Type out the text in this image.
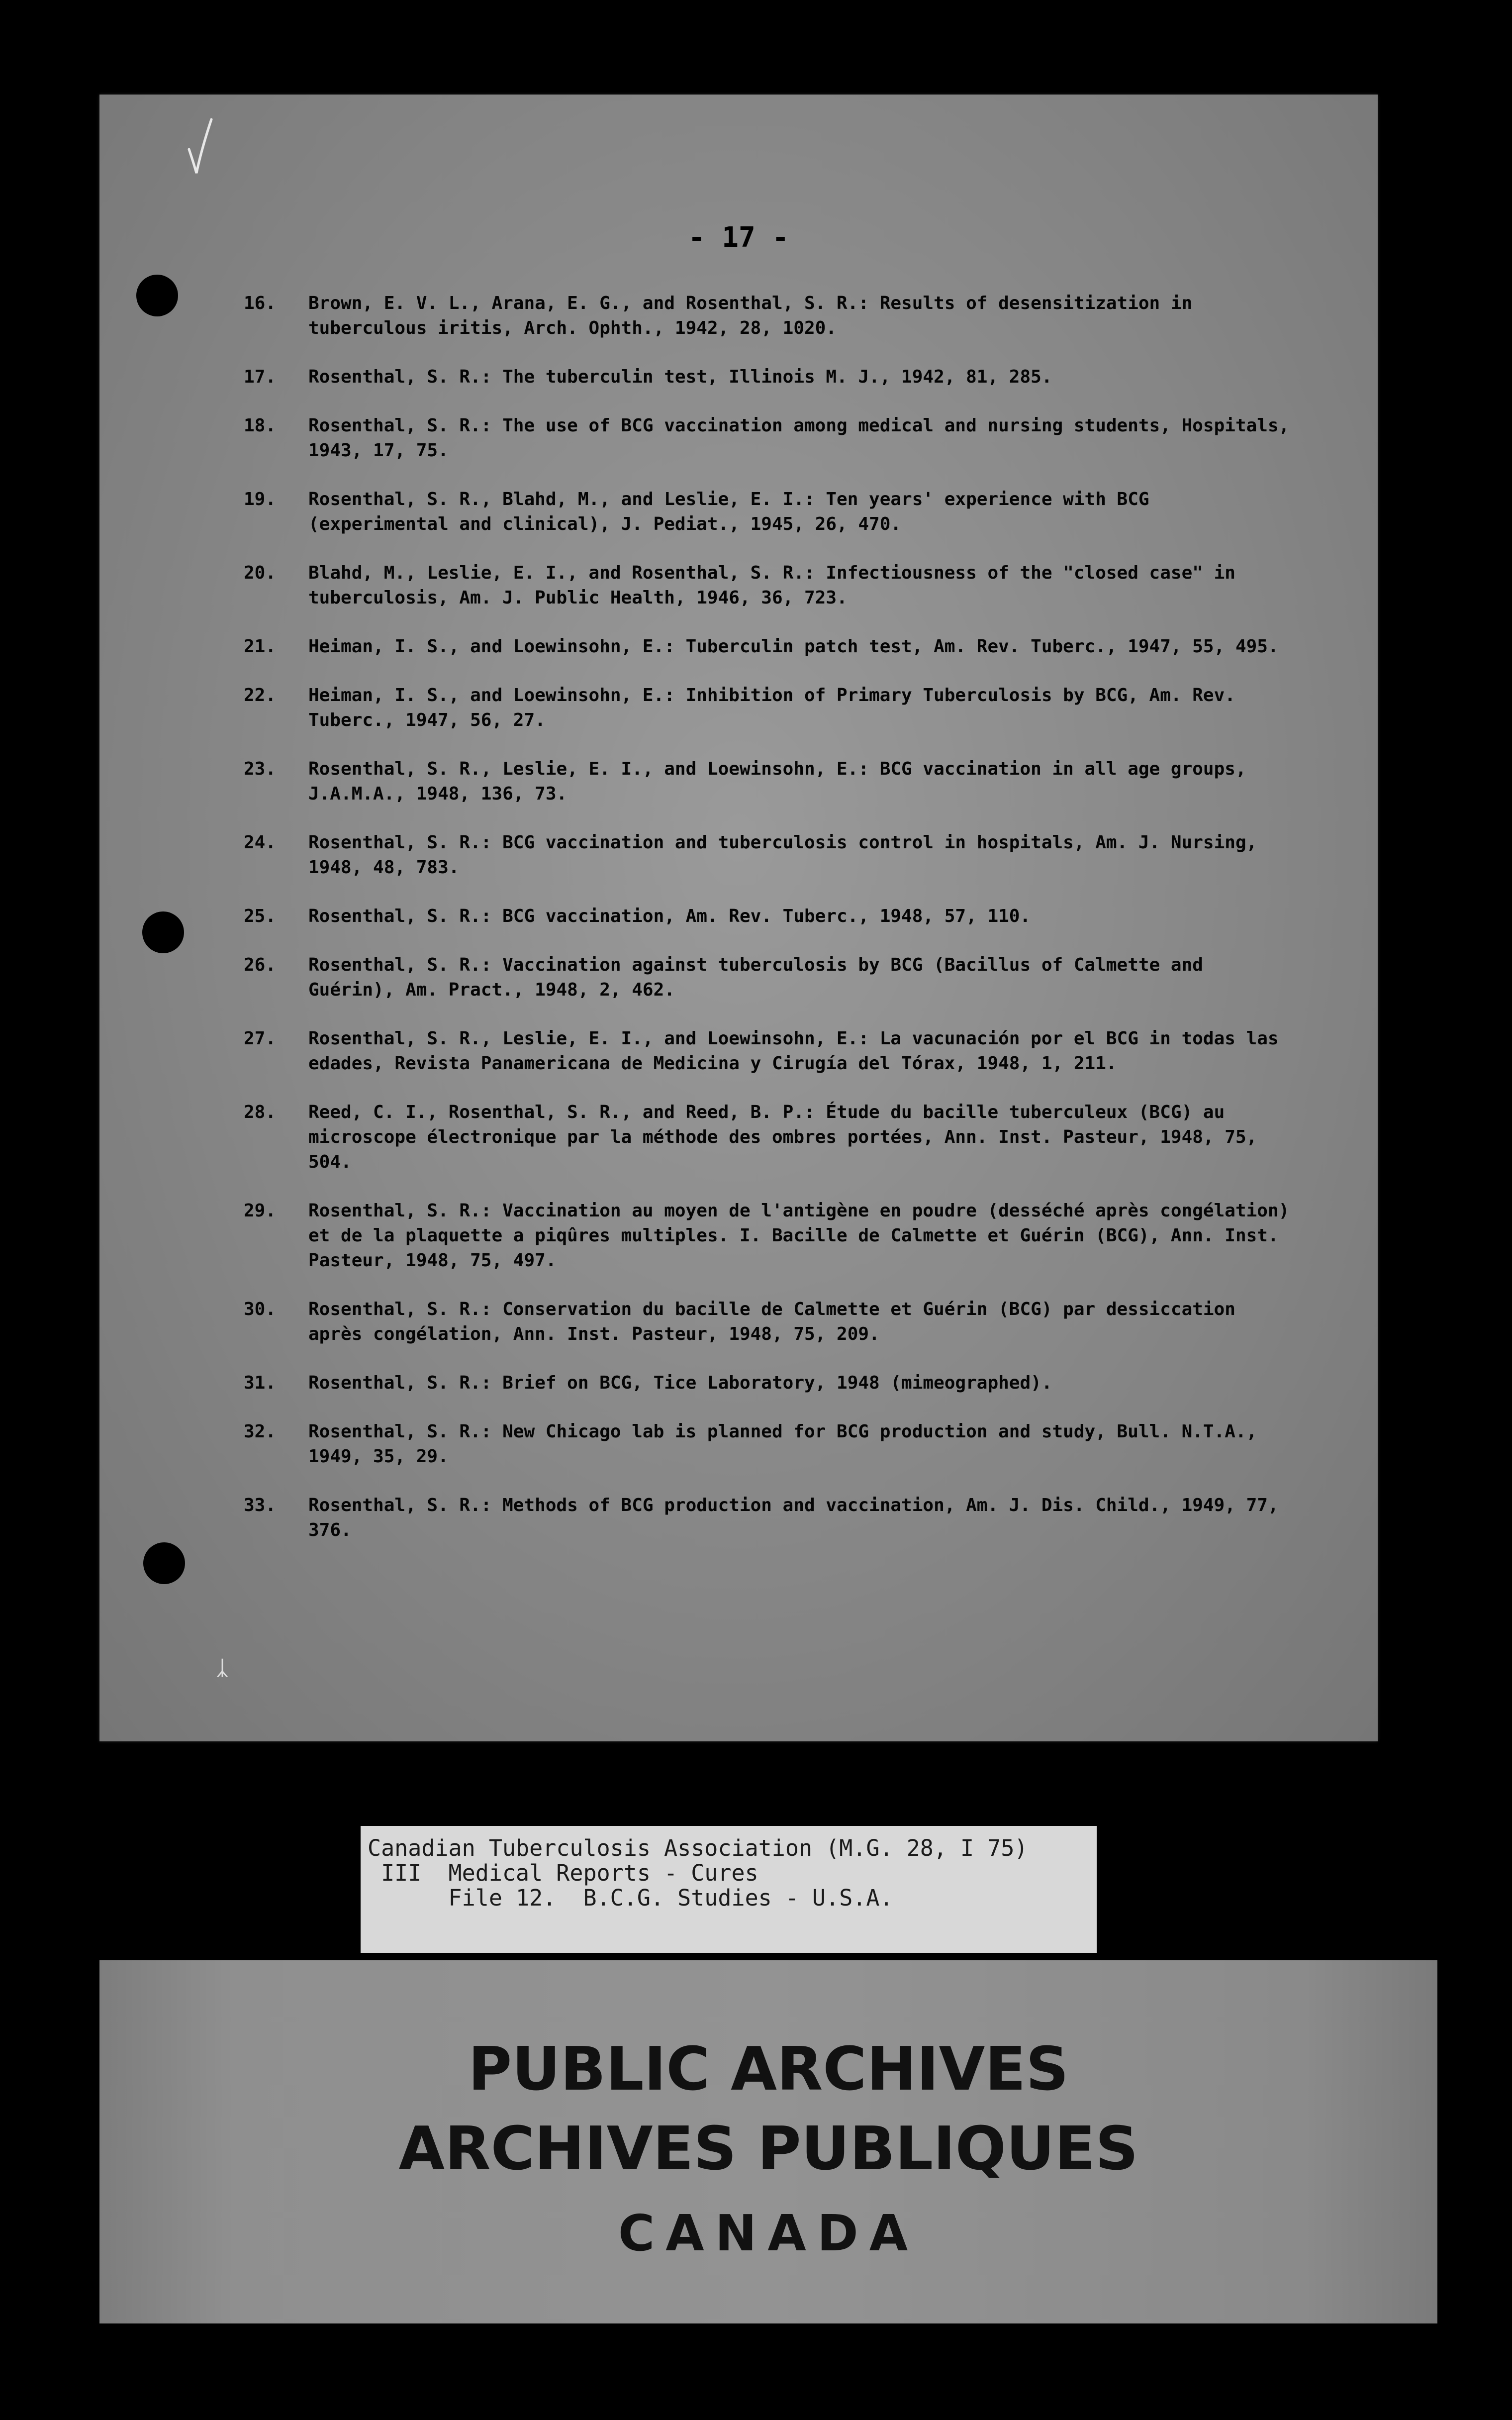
- 17 -
16.	Brown, E. V. L., Arana, E. G., and Rosenthal, S. R.: Results of desensitization in tuberculous iritis, Arch. Ophth., 1942, 28, 1020.
17.	Rosenthal, S. R.: The tuberculin test, Illinois M. J., 1942, 81, 285.
18.	Rosenthal, S. R.: The use of BCG vaccination among medical and nursing students, Hospitals, 1943, 17, 75.
19.	Rosenthal, S. R., Blahd, M., and Leslie, E. I.: Ten years' experience with BCG (experimental and clinical), J. Pediat., 1945, 26, 470.
20.	Blahd, M., Leslie, E. I., and Rosenthal, S. R.: Infectiousness of the "closed case" in tuberculosis, Am. J. Public Health, 1946, 36, 723.
21.	Heiman, I. S., and Loewinsohn, E.: Tuberculin patch test, Am. Rev. Tuberc., 1947, 55, 495.
22.	Heiman, I. S., and Loewinsohn, E.: Inhibition of Primary Tuberculosis by BCG, Am. Rev. Tuberc., 1947, 56, 27.
23.	Rosenthal, S. R., Leslie, E. I., and Loewinsohn, E.: BCG vaccination in all age groups, J.A.M.A., 1948, 136, 73.
24.	Rosenthal, S. R.: BCG vaccination and tuberculosis control in hospitals, Am. J. Nursing, 1948, 48, 783.
25.	Rosenthal, S. R.: BCG vaccination, Am. Rev. Tuberc., 1948, 57, 110.
26.	Rosenthal, S. R.: Vaccination against tuberculosis by BCG (Bacillus of Calmette and Guérin), Am. Pract., 1948, 2, 462.
27.	Rosenthal, S. R., Leslie, E. I., and Loewinsohn, E.: La vacunación por el BCG in todas las edades, Revista Panamericana de Medicina y Cirugía del Tórax, 1948, 1, 211.
28.	Reed, C. I., Rosenthal, S. R., and Reed, B. P.: Étude du bacille tuberculeux (BCG) au microscope électronique par la méthode des ombres portées, Ann. Inst. Pasteur, 1948, 75, 504.
29.	Rosenthal, S. R.: Vaccination au moyen de l'antigène en poudre (desséché après congélation) et de la plaquette a piqûres multiples. I. Bacille de Calmette et Guérin (BCG), Ann. Inst. Pasteur, 1948, 75, 497.
30.	Rosenthal, S. R.: Conservation du bacille de Calmette et Guérin (BCG) par dessiccation après congélation, Ann. Inst. Pasteur, 1948, 75, 209.
31.	Rosenthal, S. R.: Brief on BCG, Tice Laboratory, 1948 (mimeographed).
32.	Rosenthal, S. R.: New Chicago lab is planned for BCG production and study, Bull. N.T.A., 1949, 35, 29.
33.	Rosenthal, S. R.: Methods of BCG production and vaccination, Am. J. Dis. Child., 1949, 77, 376.
ᛣ
Canadian Tuberculosis Association (M.G. 28, I 75)
III  Medical Reports - Cures
File 12.  B.C.G. Studies - U.S.A.
PUBLIC ARCHIVES
ARCHIVES PUBLIQUES
CANADA
